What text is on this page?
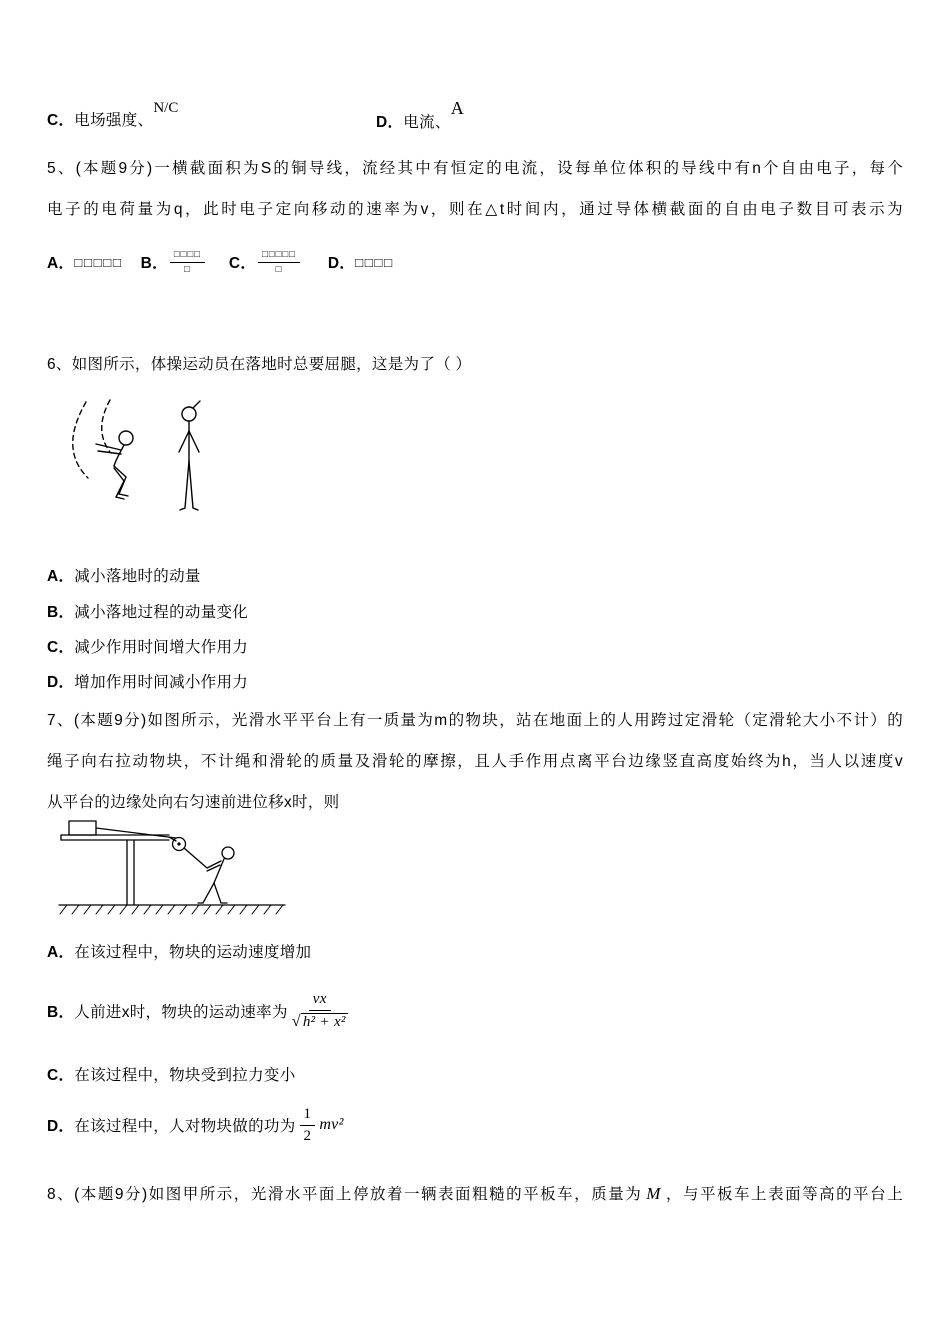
C．电场强度、N/C
D．电流、A
5、(本题9分)一横截面积为S的铜导线，流经其中有恒定的电流，设每单位体积的导线中有n个自由电子，每个
电子的电荷量为q，此时电子定向移动的速率为v，则在△t时间内，通过导体横截面的自由电子数目可表示为
A． □□□□□ B．
□□□□
□ C．
□□□□□
□	D． □□□□
6、如图所示，体操运动员在落地时总要屈腿，这是为了（ ）
A．减小落地时的动量
B．减小落地过程的动量变化
C．减少作用时间增大作用力
D．增加作用时间减小作用力
7、(本题9分)如图所示，光滑水平平台上有一质量为m的物块，站在地面上的人用跨过定滑轮（定滑轮大小不计）的
绳子向右拉动物块，不计绳和滑轮的质量及滑轮的摩擦，且人手作用点离平台边缘竖直高度始终为h，当人以速度v
从平台的边缘处向右匀速前进位移x时，则
A．在该过程中，物块的运动速度增加
B． 人前进x时，物块的运动速率为 $\frac{vx}{\text{√ h² + x²}}$
C．在该过程中，物块受到拉力变小
D． 在该过程中，人对物块做的功为 $\frac{1}{2} mv^2$
8、(本题9分)如图甲所示，光滑水平面上停放着一辆表面粗糙的平板车，质量为 M ，与平板车上表面等高的平台上
